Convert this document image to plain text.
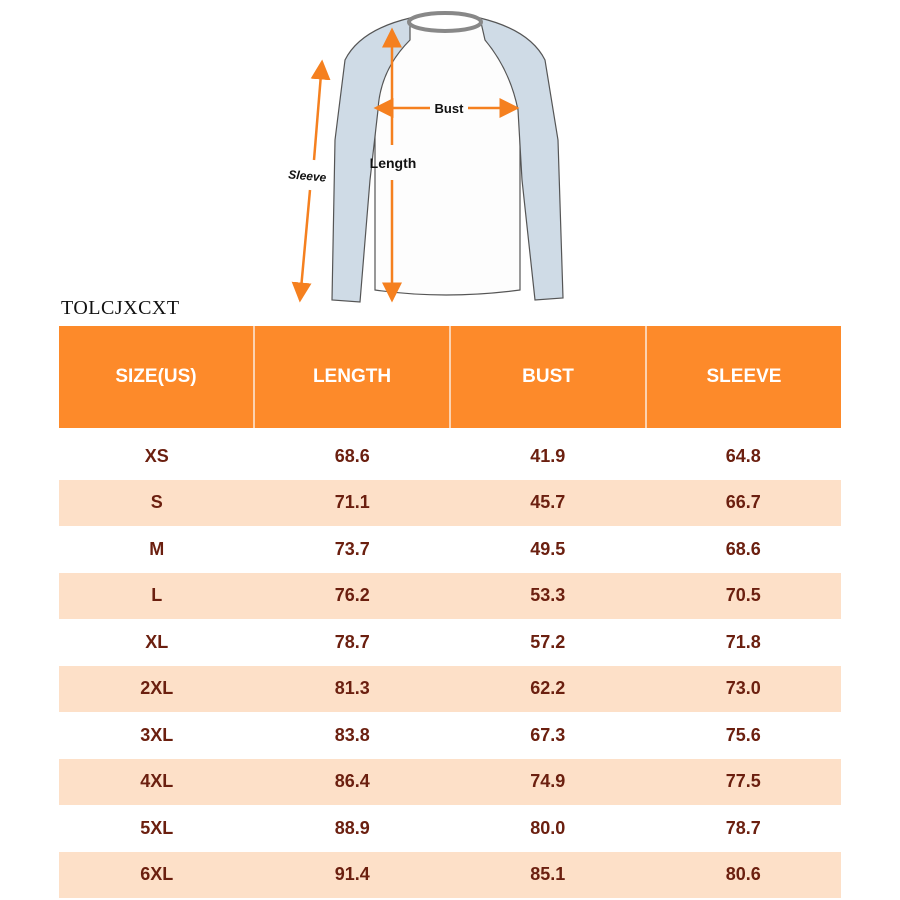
Bust
Length
Sleeve
TOLCJXCXT
SIZE(US)	LENGTH	BUST	SLEEVE
XS	68.6	41.9	64.8
S	71.1	45.7	66.7
M	73.7	49.5	68.6
L	76.2	53.3	70.5
XL	78.7	57.2	71.8
2XL	81.3	62.2	73.0
3XL	83.8	67.3	75.6
4XL	86.4	74.9	77.5
5XL	88.9	80.0	78.7
6XL	91.4	85.1	80.6
